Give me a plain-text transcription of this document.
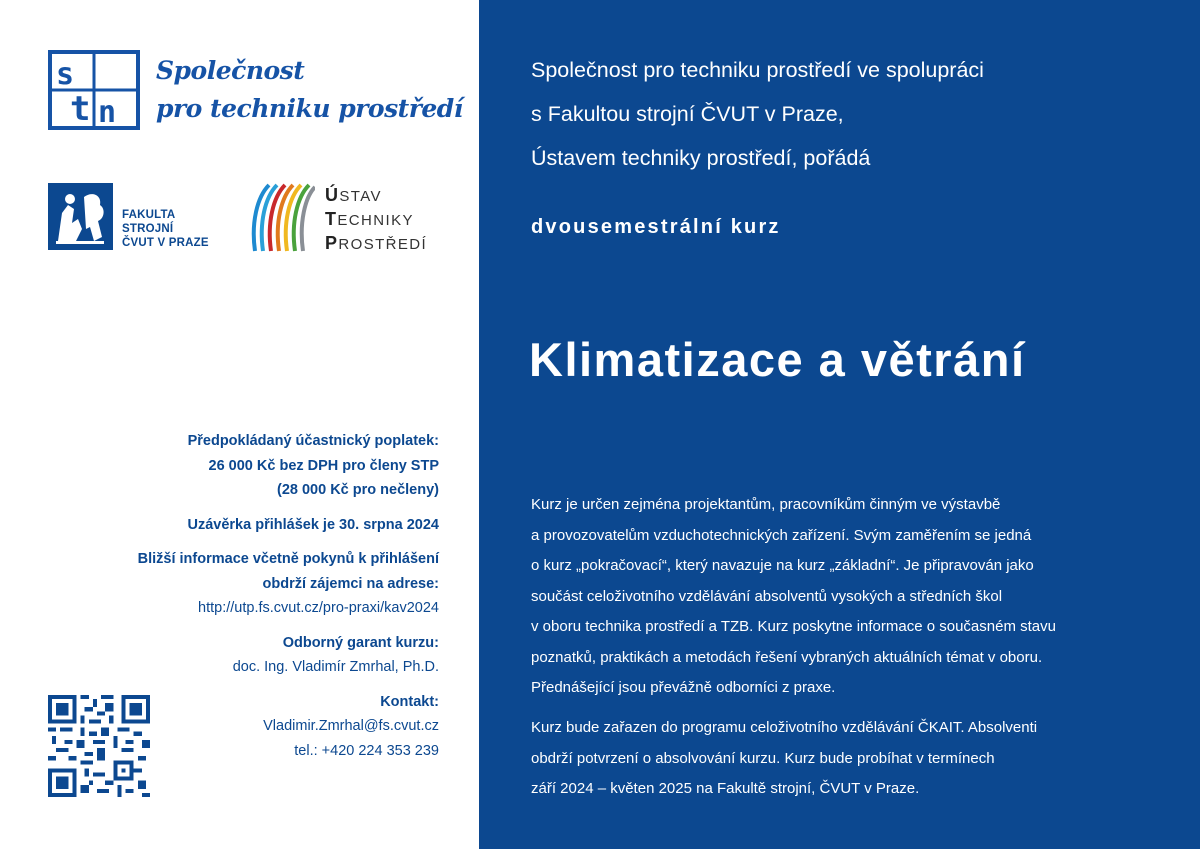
s
n
t
Společnost
pro techniku prostředí
FAKULTA
STROJNÍ
ČVUT V PRAZE
ÚSTAV
TECHNIKY
PROSTŘEDÍ
Předpokládaný účastnický poplatek:
26 000 Kč bez DPH pro členy STP
(28 000 Kč pro nečleny)
Uzávěrka přihlášek je 30. srpna 2024
Bližší informace včetně pokynů k přihlášení
obdrží zájemci na adrese:
http://utp.fs.cvut.cz/pro-praxi/kav2024
Odborný garant kurzu:
doc. Ing. Vladimír Zmrhal, Ph.D.
Kontakt:
Vladimir.Zmrhal@fs.cvut.cz
tel.: +420 224 353 239
Společnost pro techniku prostředí ve spolupráci
s Fakultou strojní ČVUT v Praze,
Ústavem techniky prostředí, pořádá
dvousemestrální kurz
Klimatizace a větrání
Kurz je určen zejména projektantům, pracovníkům činným ve výstavbě
a provozovatelům vzduchotechnických zařízení. Svým zaměřením se jedná
o kurz „pokračovací“, který navazuje na kurz „základní“. Je připravován jako
součást celoživotního vzdělávání absolventů vysokých a středních škol
v oboru technika prostředí a TZB. Kurz poskytne informace o současném stavu
poznatků, praktikách a metodách řešení vybraných aktuálních témat v oboru.
Přednášející jsou převážně odborníci z praxe.
Kurz bude zařazen do programu celoživotního vzdělávání ČKAIT. Absolventi
obdrží potvrzení o absolvování kurzu. Kurz bude probíhat v termínech
září 2024 – květen 2025 na Fakultě strojní, ČVUT v Praze.
